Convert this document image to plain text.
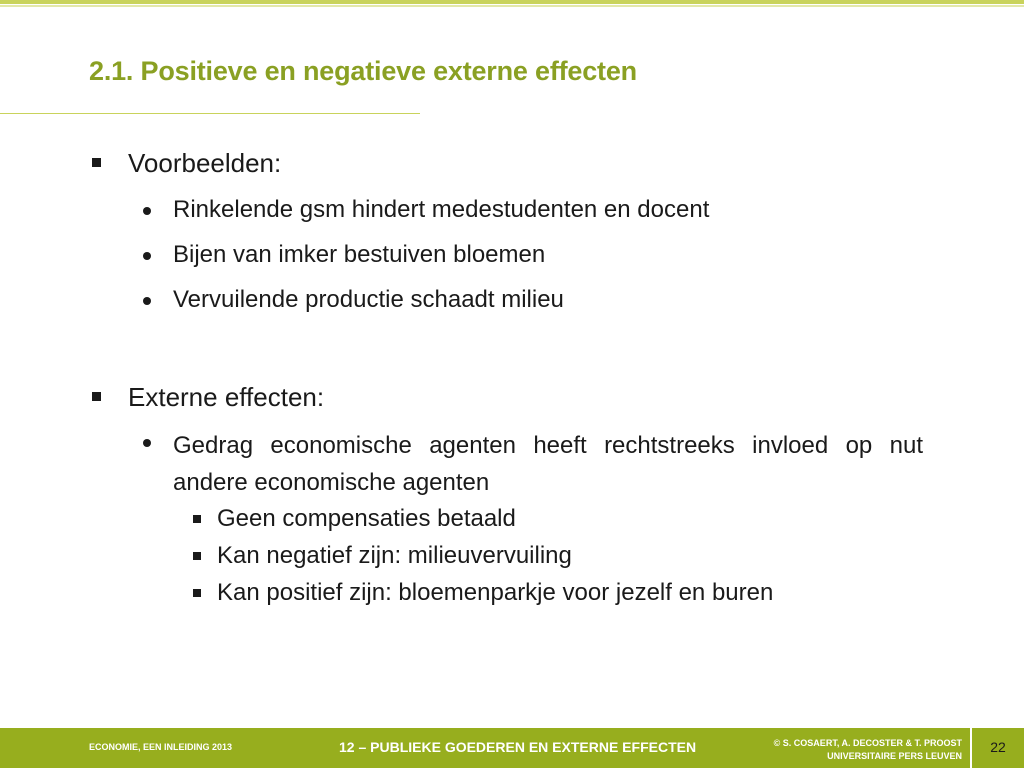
2.1. Positieve en negatieve externe effecten
Voorbeelden:
Rinkelende gsm hindert medestudenten en docent
Bijen van imker bestuiven bloemen
Vervuilende productie schaadt milieu
Externe effecten:
Gedrag economische agenten heeft rechtstreeks invloed op nut andere economische agenten
Geen compensaties betaald
Kan negatief zijn: milieuvervuiling
Kan positief zijn: bloemenparkje voor jezelf en buren
ECONOMIE, EEN INLEIDING 2013	12 – PUBLIEKE GOEDEREN EN EXTERNE EFFECTEN	© S. COSAERT, A. DECOSTER & T. PROOST
UNIVERSITAIRE PERS LEUVEN
22
